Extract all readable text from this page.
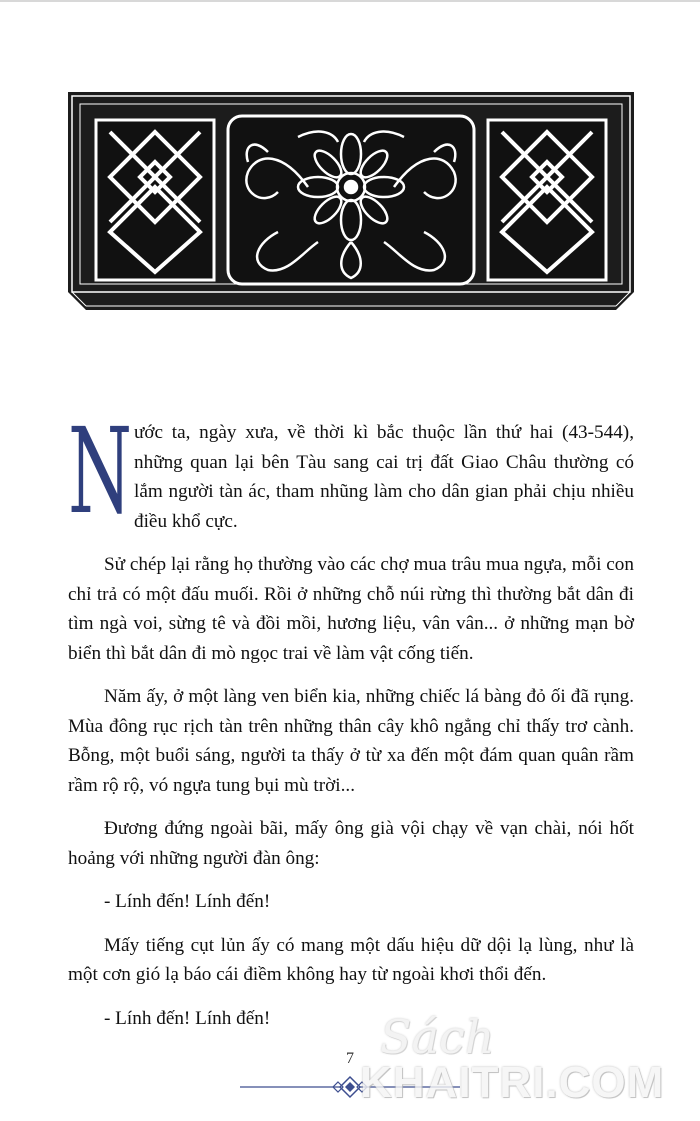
N ước ta, ngày xưa, về thời kì bắc thuộc lần thứ hai (43-544), những quan lại bên Tàu sang cai trị đất Giao Châu thường có lắm người tàn ác, tham nhũng làm cho dân gian phải chịu nhiều điều khổ cực.

Sử chép lại rằng họ thường vào các chợ mua trâu mua ngựa, mỗi con chỉ trả có một đấu muối. Rồi ở những chỗ núi rừng thì thường bắt dân đi tìm ngà voi, sừng tê và đồi mồi, hương liệu, vân vân... ở những mạn bờ biển thì bắt dân đi mò ngọc trai về làm vật cống tiến.

Năm ấy, ở một làng ven biển kia, những chiếc lá bàng đỏ ối đã rụng. Mùa đông rục rịch tàn trên những thân cây khô ngẳng chỉ thấy trơ cành. Bỗng, một buổi sáng, người ta thấy ở từ xa đến một đám quan quân rầm rầm rộ rộ, vó ngựa tung bụi mù trời...

Đương đứng ngoài bãi, mấy ông già vội chạy về vạn chài, nói hốt hoảng với những người đàn ông:

- Lính đến! Lính đến!

Mấy tiếng cụt lủn ấy có mang một dấu hiệu dữ dội lạ lùng, như là một cơn gió lạ báo cái điềm không hay từ ngoài khơi thổi đến.

- Lính đến! Lính đến!

7 Sách
KHAITRI.COM
